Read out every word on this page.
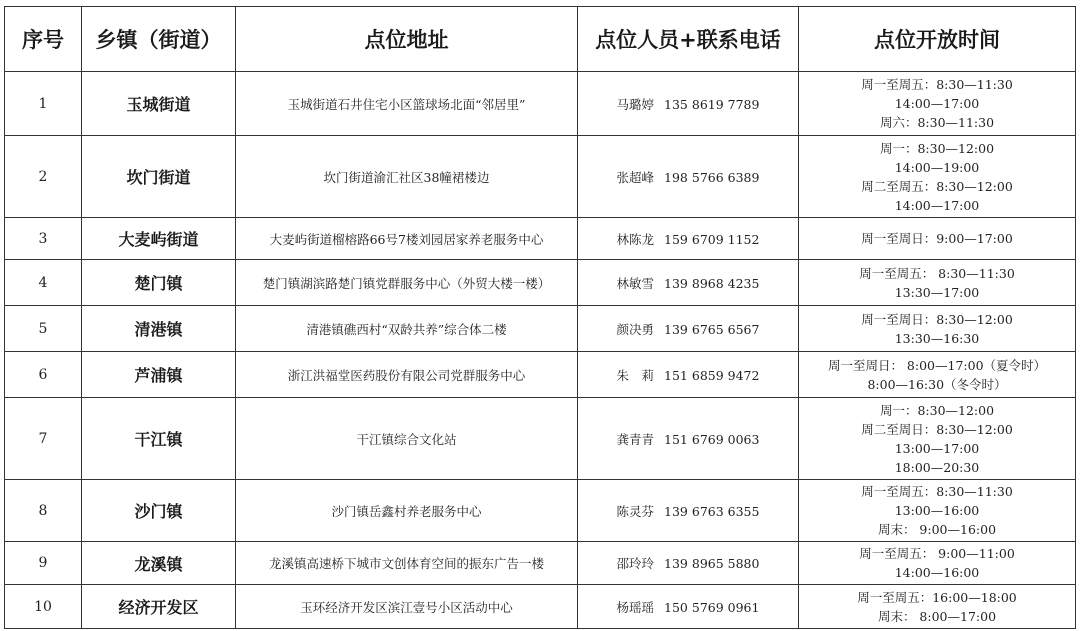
序号	乡镇（街道）	点位地址	点位人员+联系电话	点位开放时间
1	玉城街道	玉城街道石井住宅小区篮球场北面“邻居里”	马璐婷 135 8619 7789	周一至周五：8:30—11:30
14:00—17:00
周六：8:30—11:30

2	坎门街道	坎门街道渝汇社区38幢裙楼边	张超峰 198 5766 6389	周一：8:30—12:00
14:00—19:00
周二至周五：8:30—12:00
14:00—17:00

3	大麦屿街道	大麦屿街道榴榕路66号7楼刘园居家养老服务中心	林陈龙 159 6709 1152	周一至周日：9:00—17:00

4	楚门镇	楚门镇湖滨路楚门镇党群服务中心（外贸大楼一楼）	林敏雪 139 8968 4235	周一至周五： 8:30—11:30
13:30—17:00

5	清港镇	清港镇礁西村“双龄共养”综合体二楼	颜决勇 139 6765 6567	周一至周日：8:30—12:00
13:30—16:30

6	芦浦镇	浙江洪福堂医药股份有限公司党群服务中心	朱　莉 151 6859 9472	周一至周日： 8:00—17:00（夏令时）
8:00—16:30（冬令时）

7	干江镇	干江镇综合文化站	龚青青 151 6769 0063	周一：8:30—12:00
周二至周日：8:30—12:00
13:00—17:00
18:00—20:30

8	沙门镇	沙门镇岳鑫村养老服务中心	陈灵芬 139 6763 6355	周一至周五：8:30—11:30
13:00—16:00
周末： 9:00—16:00

9	龙溪镇	龙溪镇高速桥下城市文创体育空间的振东广告一楼	邵玲玲 139 8965 5880	周一至周五： 9:00—11:00
14:00—16:00

10	经济开发区	玉环经济开发区滨江壹号小区活动中心	杨瑶瑶 150 5769 0961	周一至周五：16:00—18:00
周末： 8:00—17:00
